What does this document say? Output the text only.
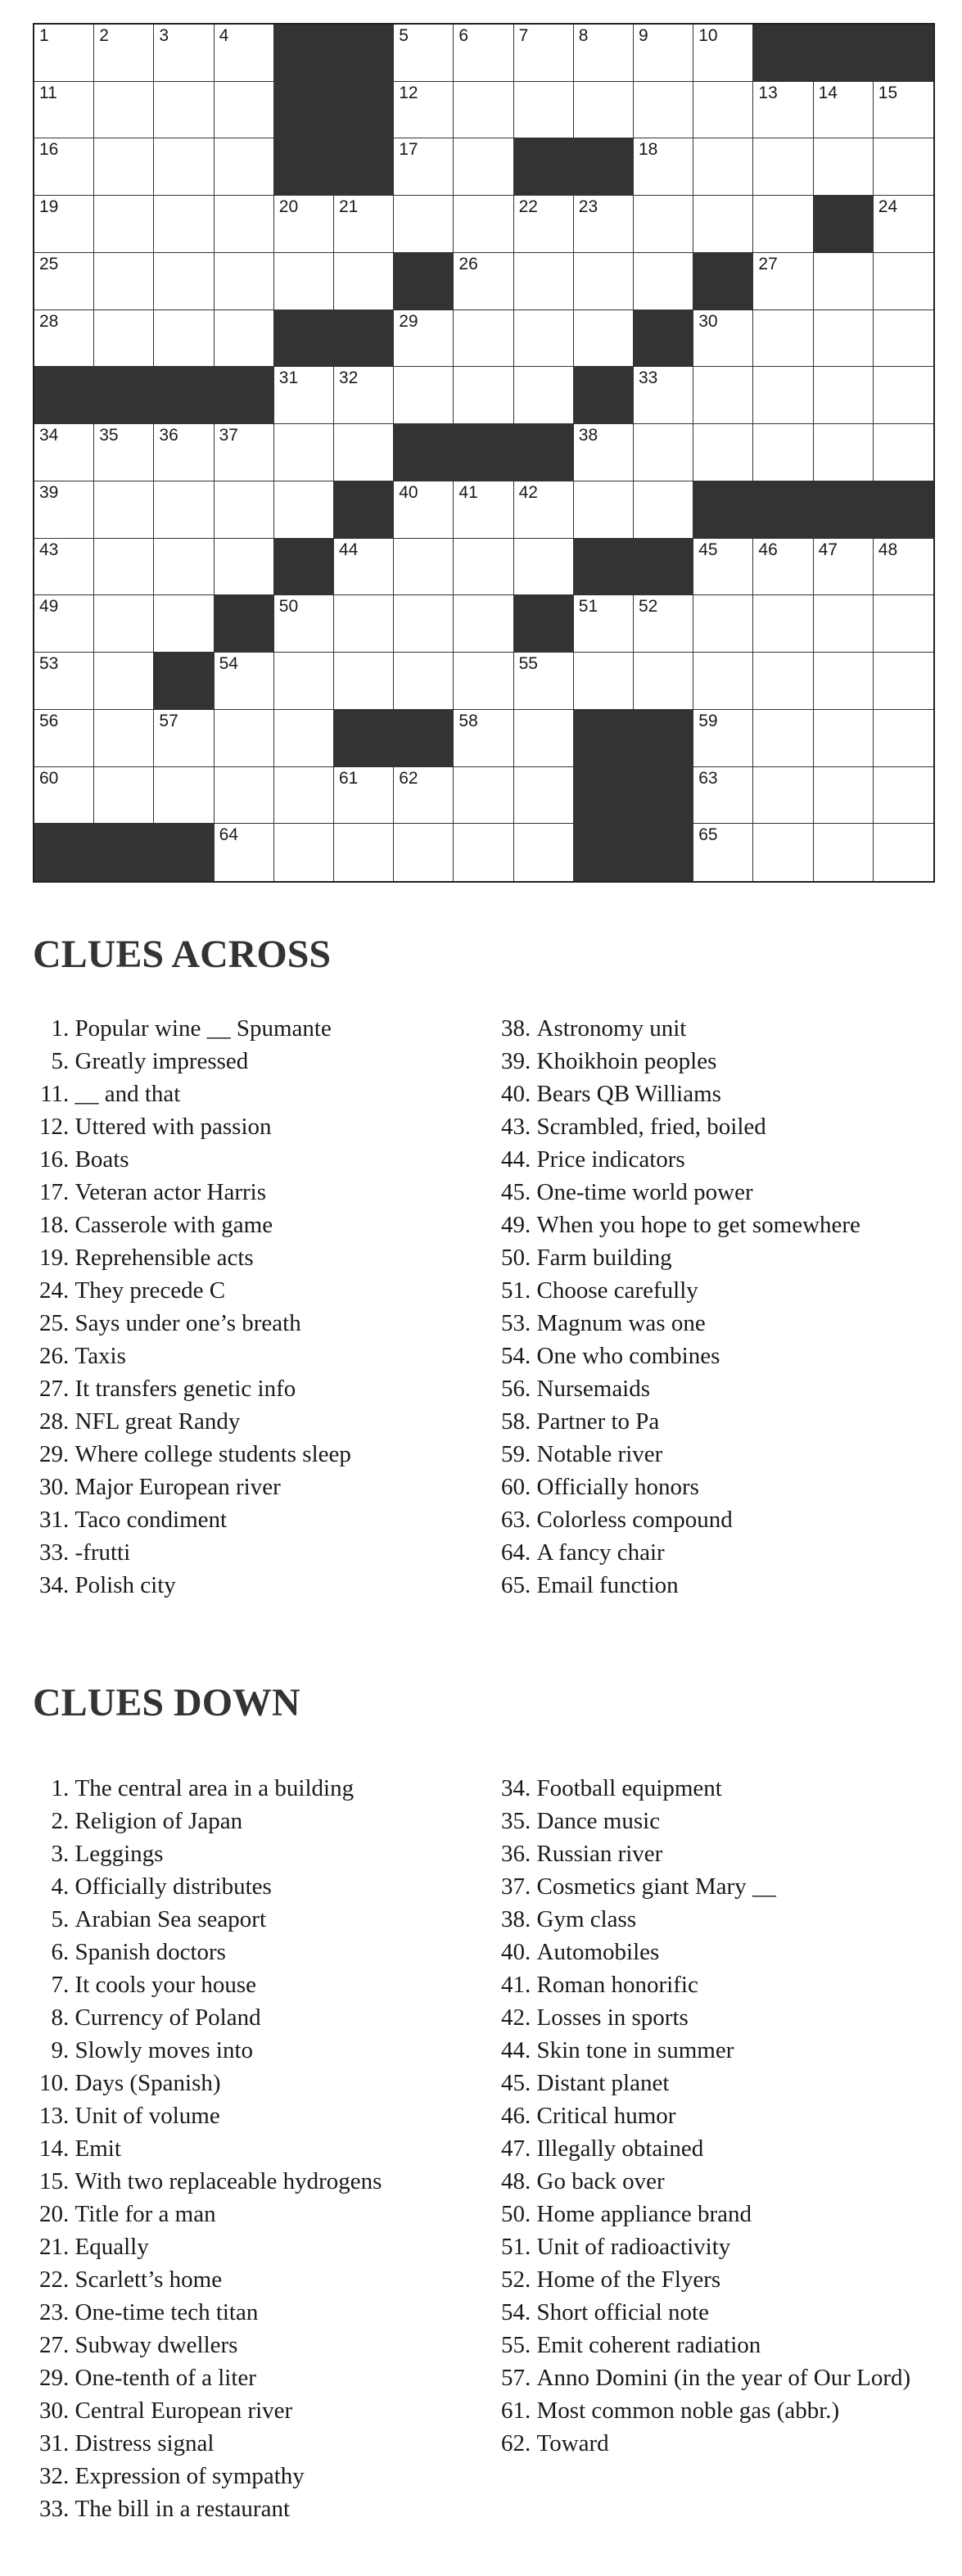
1	2	3	4	5	6	7	8	9	10
11	12	13 14 15
16	17	18
19	20 21	22 23	24
25	26	27
28	29	30
31 32	33
34 35 36 37	38
39	40 41 42
43	44	45 46 47 48
49	50	51 52
53	54	55
56	57	58	59
60	61 62	63
64	65
CLUES ACROSS
1.
Popular wine __ Spumante
5.
Greatly impressed
11.
__ and that
12.
Uttered with passion
16.
Boats
17.
Veteran actor Harris
18.
Casserole with game
19.
Reprehensible acts
24.
They precede C
25.
Says under one’s breath
26.
Taxis
27.
It transfers genetic info
28.
NFL great Randy
29.
Where college students sleep
30.
Major European river
31.
Taco condiment
33.
-frutti
34.
Polish city
38.
Astronomy unit
39.
Khoikhoin peoples
40.
Bears QB Williams
43.
Scrambled, fried, boiled
44.
Price indicators
45.
One-time world power
49.
When you hope to get somewhere
50.
Farm building
51.
Choose carefully
53.
Magnum was one
54.
One who combines
56.
Nursemaids
58.
Partner to Pa
59.
Notable river
60.
Officially honors
63.
Colorless compound
64.
A fancy chair
65.
Email function
CLUES DOWN
1.
The central area in a building
2.
Religion of Japan
3.
Leggings
4.
Officially distributes
5.
Arabian Sea seaport
6.
Spanish doctors
7.
It cools your house
8.
Currency of Poland
9.
Slowly moves into
10.
Days (Spanish)
13.
Unit of volume
14.
Emit
15.
With two replaceable hydrogens
20.
Title for a man
21.
Equally
22.
Scarlett’s home
23.
One-time tech titan
27.
Subway dwellers
29.
One-tenth of a liter
30.
Central European river
31.
Distress signal
32.
Expression of sympathy
33.
The bill in a restaurant
34.
Football equipment
35.
Dance music
36.
Russian river
37.
Cosmetics giant Mary __
38.
Gym class
40.
Automobiles
41.
Roman honorific
42.
Losses in sports
44.
Skin tone in summer
45.
Distant planet
46.
Critical humor
47.
Illegally obtained
48.
Go back over
50.
Home appliance brand
51.
Unit of radioactivity
52.
Home of the Flyers
54.
Short official note
55.
Emit coherent radiation
57.
Anno Domini (in the year of Our Lord)
61.
Most common noble gas (abbr.)
62.
Toward
